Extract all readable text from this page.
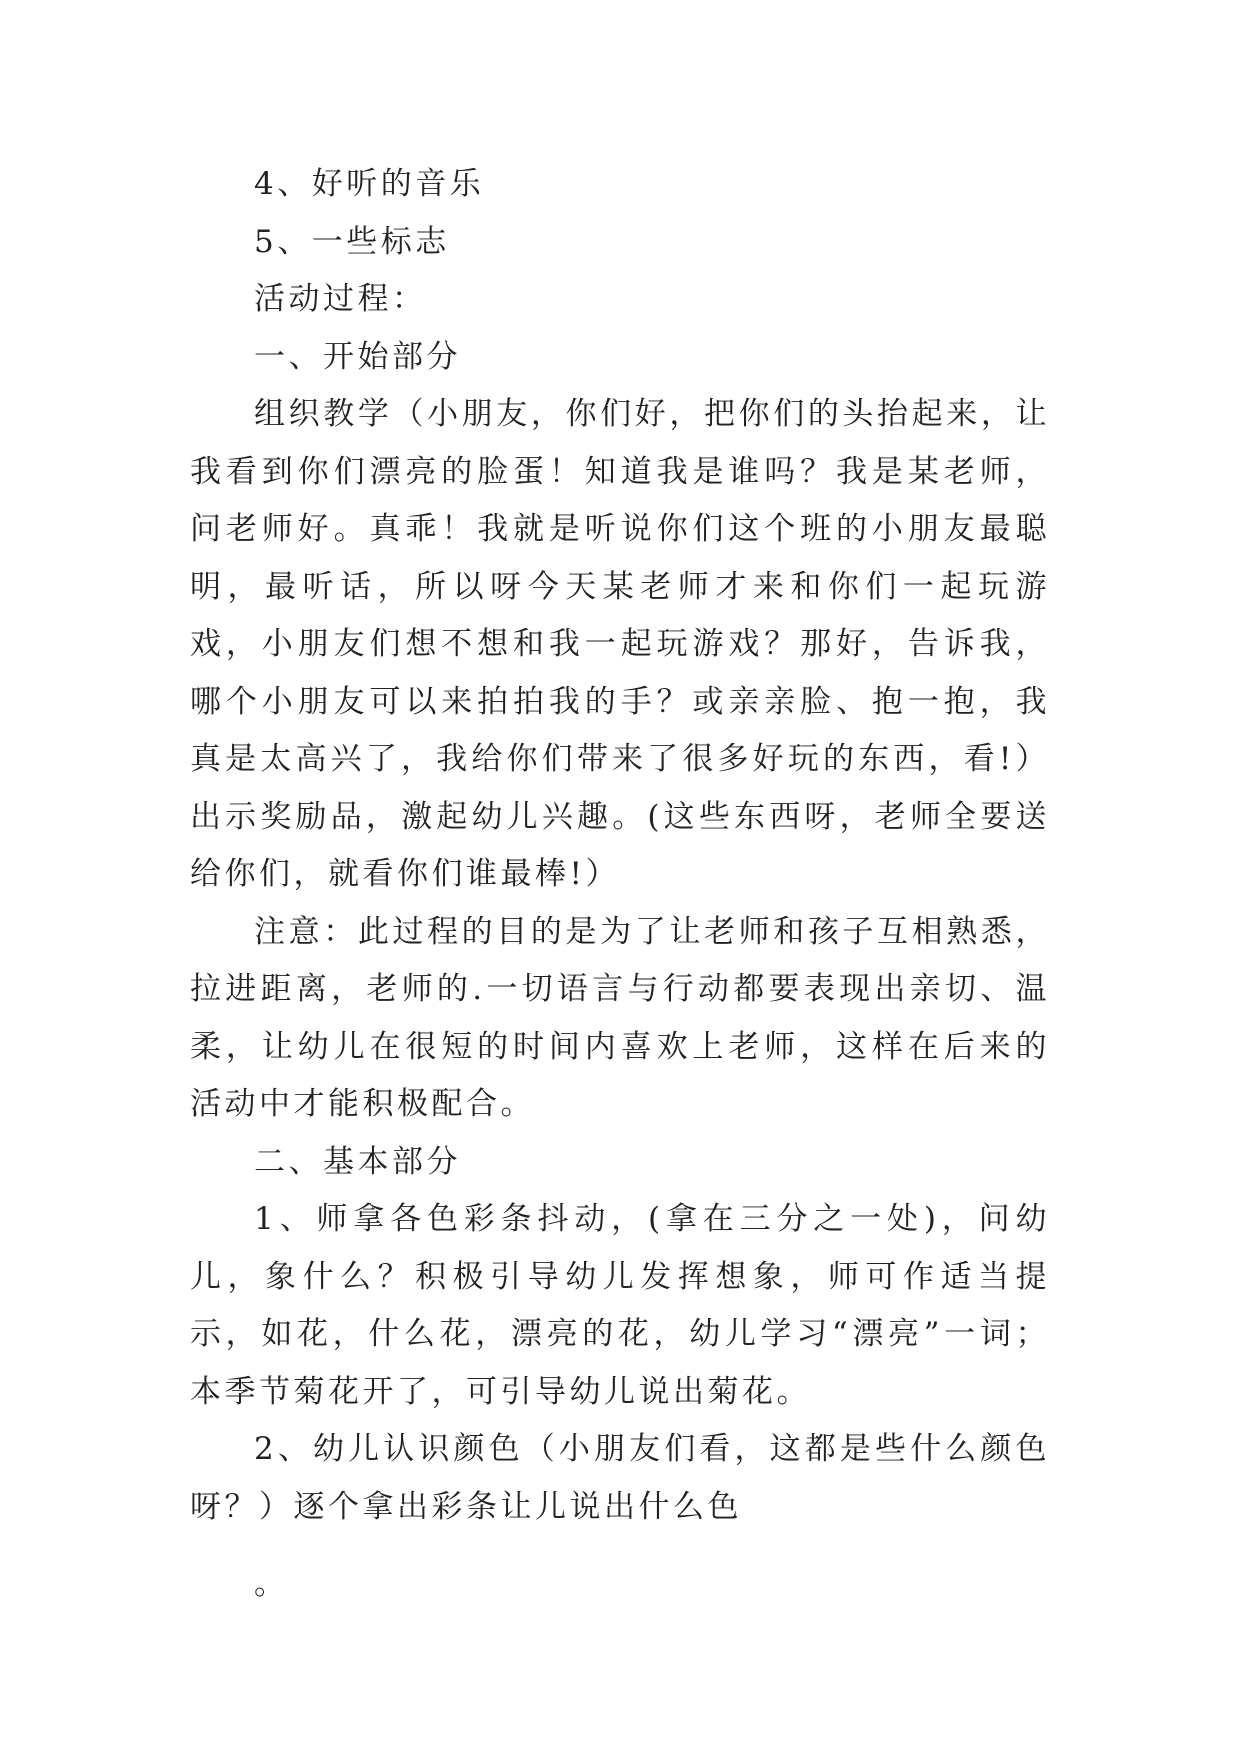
4、好听的音乐

5、一些标志

活动过程：

一、开始部分

组织教学（小朋友，你们好，把你们的头抬起来，让我看到你们漂亮的脸蛋！知道我是谁吗？我是某老师，问老师好。真乖！我就是听说你们这个班的小朋友最聪明，最听话，所以呀今天某老师才来和你们一起玩游戏，小朋友们想不想和我一起玩游戏？那好，告诉我，哪个小朋友可以来拍拍我的手？或亲亲脸、抱一抱，我真是太高兴了，我给你们带来了很多好玩的东西，看!）出示奖励品，激起幼儿兴趣。(这些东西呀，老师全要送给你们，就看你们谁最棒!）

注意：此过程的目的是为了让老师和孩子互相熟悉，拉进距离，老师的.一切语言与行动都要表现出亲切、温柔，让幼儿在很短的时间内喜欢上老师，这样在后来的活动中才能积极配合。

二、基本部分

1、师拿各色彩条抖动，(拿在三分之一处)，问幼儿，象什么？积极引导幼儿发挥想象，师可作适当提示，如花，什么花，漂亮的花，幼儿学习“漂亮”一词；本季节菊花开了，可引导幼儿说出菊花。

2、幼儿认识颜色（小朋友们看，这都是些什么颜色呀？）逐个拿出彩条让儿说出什么色

。
